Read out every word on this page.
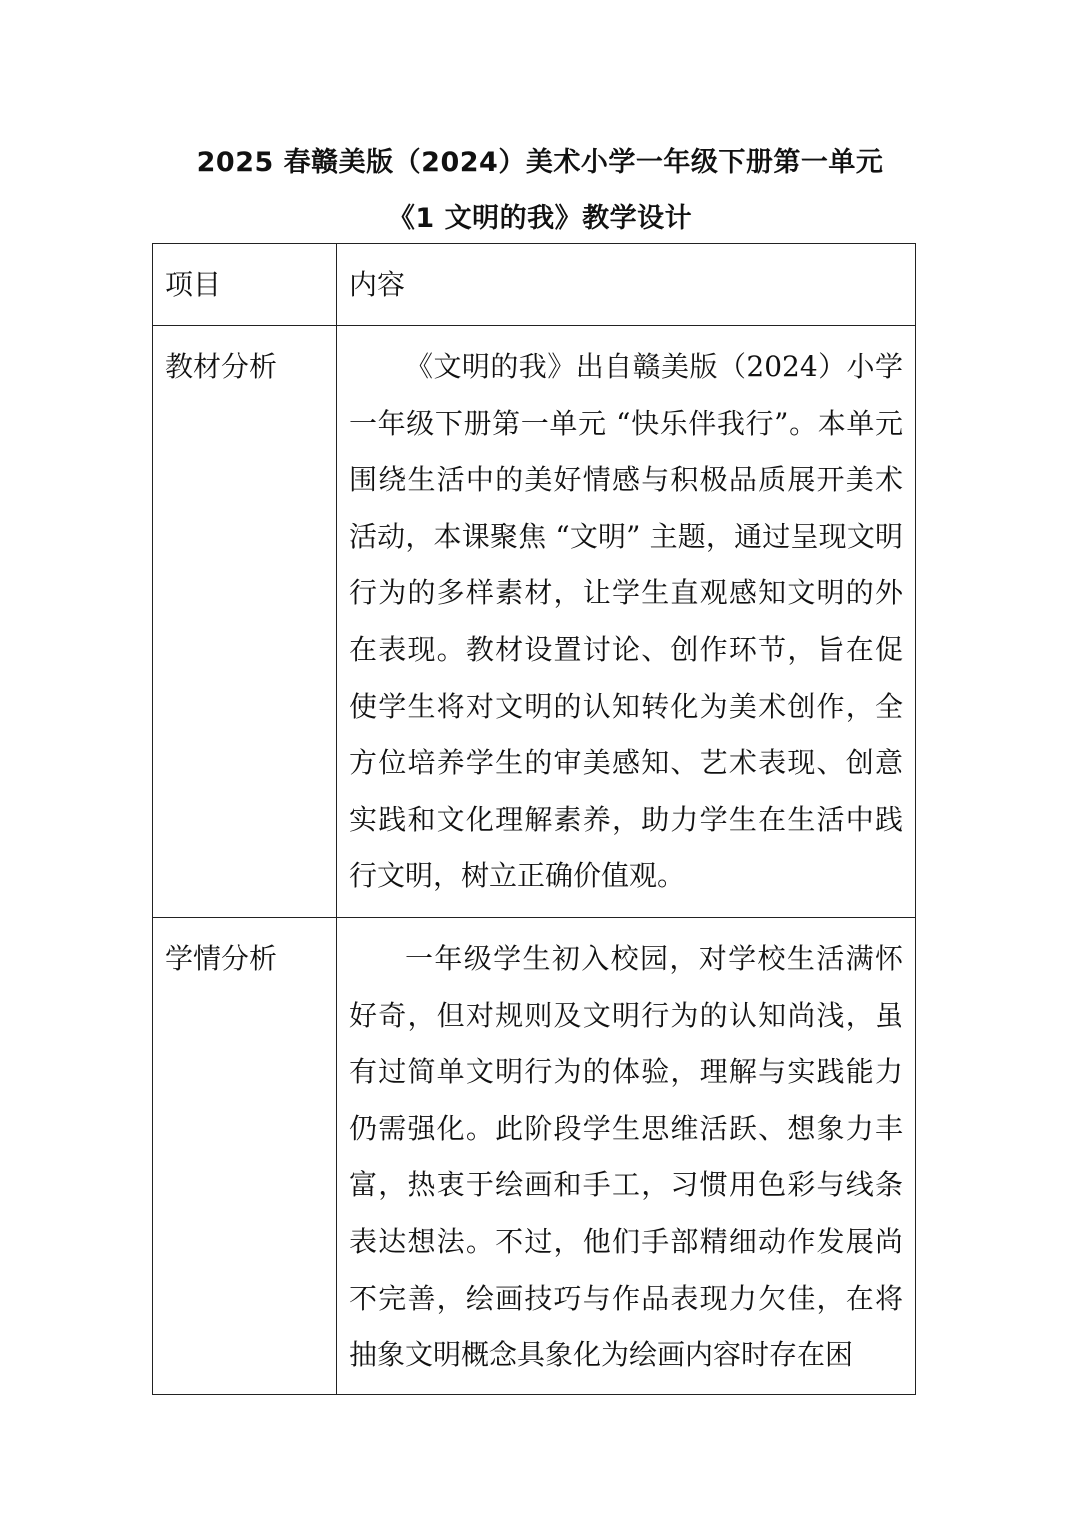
2025 春赣美版（2024）美术小学一年级下册第一单元
《1 文明的我》教学设计
项目	内容

教材分析	《文明的我》出自赣美版（2024）小学一年级下册第一单元 “快乐伴我行”。本单元围绕生活中的美好情感与积极品质展开美术活动，本课聚焦 “文明” 主题，通过呈现文明行为的多样素材，让学生直观感知文明的外在表现。教材设置讨论、创作环节，旨在促使学生将对文明的认知转化为美术创作，全方位培养学生的审美感知、艺术表现、创意实践和文化理解素养，助力学生在生活中践行文明，树立正确价值观。

学情分析	一年级学生初入校园，对学校生活满怀好奇，但对规则及文明行为的认知尚浅，虽有过简单文明行为的体验，理解与实践能力仍需强化。此阶段学生思维活跃、想象力丰富，热衷于绘画和手工，习惯用色彩与线条表达想法。不过，他们手部精细动作发展尚不完善，绘画技巧与作品表现力欠佳，在将抽象文明概念具象化为绘画内容时存在困
